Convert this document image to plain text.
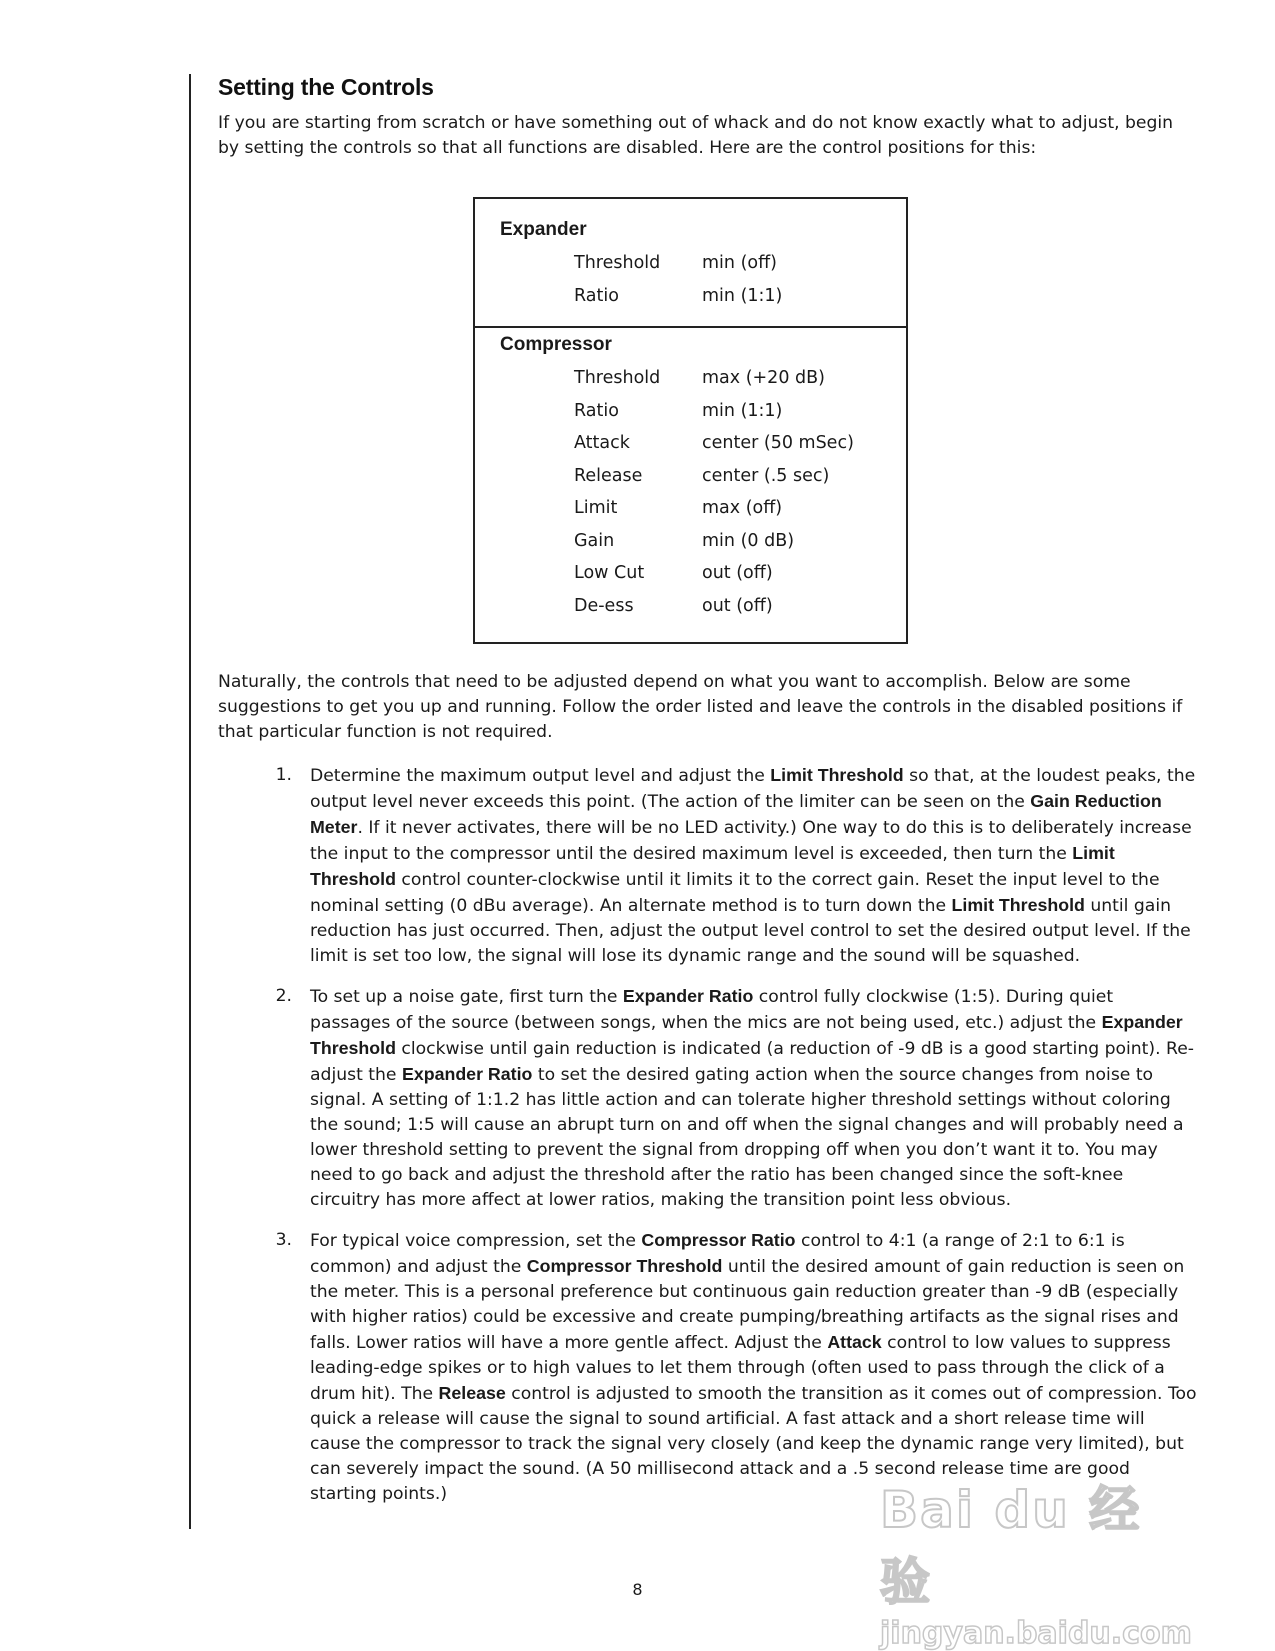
Setting the Controls

If you are starting from scratch or have something out of whack and do not know exactly what to adjust, begin by setting the controls so that all functions are disabled. Here are the control positions for this:

Expander
Threshold	min (off)
Ratio	min (1:1)
Compressor
Threshold	max (+20 dB)
Ratio	min (1:1)
Attack	center (50 mSec)
Release	center (.5 sec)
Limit	max (off)
Gain	min (0 dB)
Low Cut	out (off)
De-ess	out (off)

Naturally, the controls that need to be adjusted depend on what you want to accomplish. Below are some suggestions to get you up and running. Follow the order listed and leave the controls in the disabled positions if that particular function is not required.

1.	Determine the maximum output level and adjust the Limit Threshold so that, at the loudest peaks, the output level never exceeds this point. (The action of the limiter can be seen on the Gain Reduction Meter. If it never activates, there will be no LED activity.) One way to do this is to deliberately increase the input to the compressor until the desired maximum level is exceeded, then turn the Limit Threshold control counter-clockwise until it limits it to the correct gain. Reset the input level to the nominal setting (0 dBu average). An alternate method is to turn down the Limit Threshold until gain reduction has just occurred. Then, adjust the output level control to set the desired output level. If the limit is set too low, the signal will lose its dynamic range and the sound will be squashed.
2.	To set up a noise gate, first turn the Expander Ratio control fully clockwise (1:5). During quiet passages of the source (between songs, when the mics are not being used, etc.) adjust the Expander Threshold clockwise until gain reduction is indicated (a reduction of -9 dB is a good starting point). Re-adjust the Expander Ratio to set the desired gating action when the source changes from noise to signal. A setting of 1:1.2 has little action and can tolerate higher threshold settings without coloring the sound; 1:5 will cause an abrupt turn on and off when the signal changes and will probably need a lower threshold setting to prevent the signal from dropping off when you don’t want it to. You may need to go back and adjust the threshold after the ratio has been changed since the soft-knee circuitry has more affect at lower ratios, making the transition point less obvious.
3.	For typical voice compression, set the Compressor Ratio control to 4:1 (a range of 2:1 to 6:1 is common) and adjust the Compressor Threshold until the desired amount of gain reduction is seen on the meter. This is a personal preference but continuous gain reduction greater than -9 dB (especially with higher ratios) could be excessive and create pumping/breathing artifacts as the signal rises and falls. Lower ratios will have a more gentle affect. Adjust the Attack control to low values to suppress leading-edge spikes or to high values to let them through (often used to pass through the click of a drum hit). The Release control is adjusted to smooth the transition as it comes out of compression. Too quick a release will cause the signal to sound artificial. A fast attack and a short release time will cause the compressor to track the signal very closely (and keep the dynamic range very limited), but can severely impact the sound. (A 50 millisecond attack and a .5 second release time are good starting points.)
8
Bai du 经验
jingyan.baidu.com
